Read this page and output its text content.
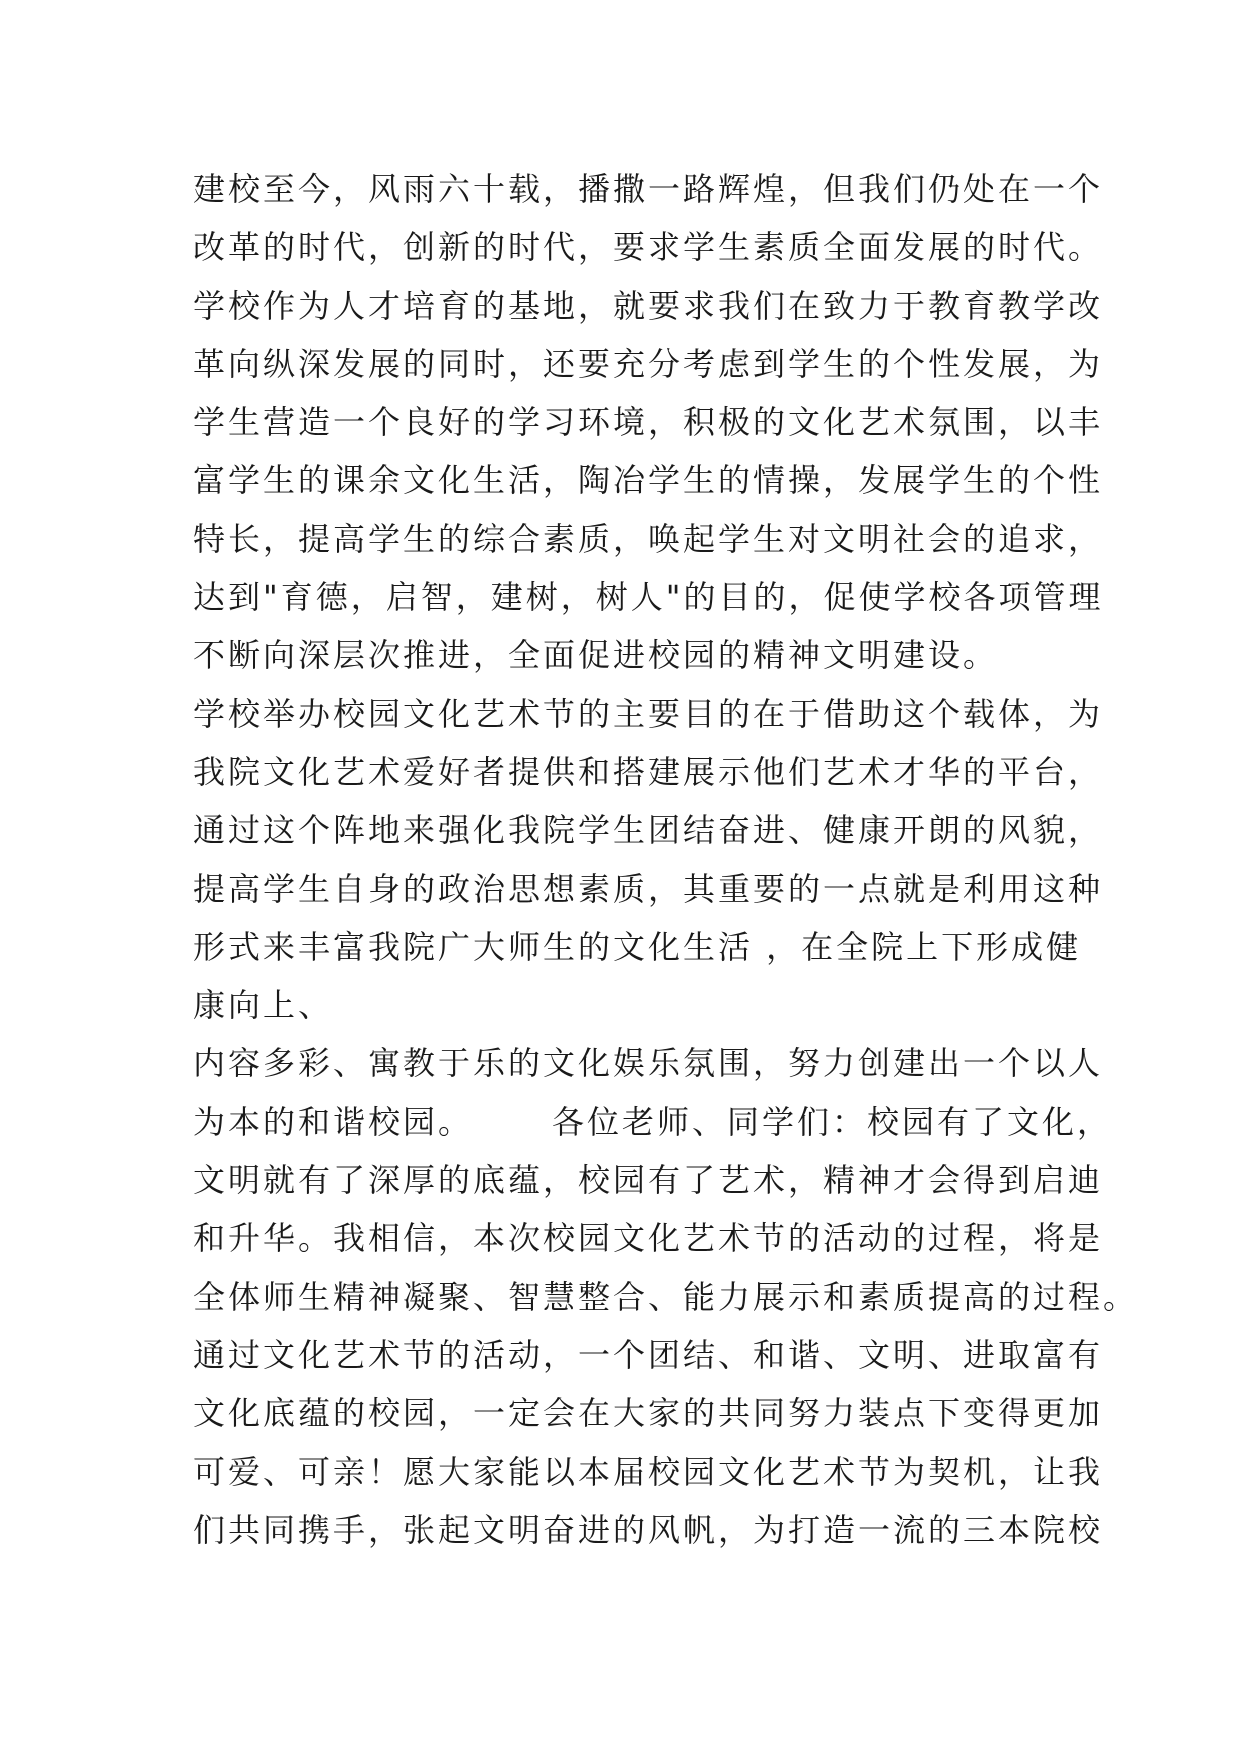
建校至今，风雨六十载，播撒一路辉煌，但我们仍处在一个
改革的时代，创新的时代，要求学生素质全面发展的时代。
学校作为人才培育的基地，就要求我们在致力于教育教学改
革向纵深发展的同时，还要充分考虑到学生的个性发展，为
学生营造一个良好的学习环境，积极的文化艺术氛围，以丰
富学生的课余文化生活，陶冶学生的情操，发展学生的个性
特长，提高学生的综合素质，唤起学生对文明社会的追求，
达到"育德，启智，建树，树人"的目的，促使学校各项管理
不断向深层次推进，全面促进校园的精神文明建设。
学校举办校园文化艺术节的主要目的在于借助这个载体，为
我院文化艺术爱好者提供和搭建展示他们艺术才华的平台，
通过这个阵地来强化我院学生团结奋进、健康开朗的风貌，
提高学生自身的政治思想素质，其重要的一点就是利用这种
形式来丰富我院广大师生的文化生活 ，在全院上下形成健
康向上、
内容多彩、寓教于乐的文化娱乐氛围，努力创建出一个以人
为本的和谐校园。      各位老师、同学们：校园有了文化，
文明就有了深厚的底蕴，校园有了艺术，精神才会得到启迪
和升华。我相信，本次校园文化艺术节的活动的过程，将是
全体师生精神凝聚、智慧整合、能力展示和素质提高的过程。
通过文化艺术节的活动，一个团结、和谐、文明、进取富有
文化底蕴的校园，一定会在大家的共同努力装点下变得更加
可爱、可亲！愿大家能以本届校园文化艺术节为契机，让我
们共同携手，张起文明奋进的风帆，为打造一流的三本院校
